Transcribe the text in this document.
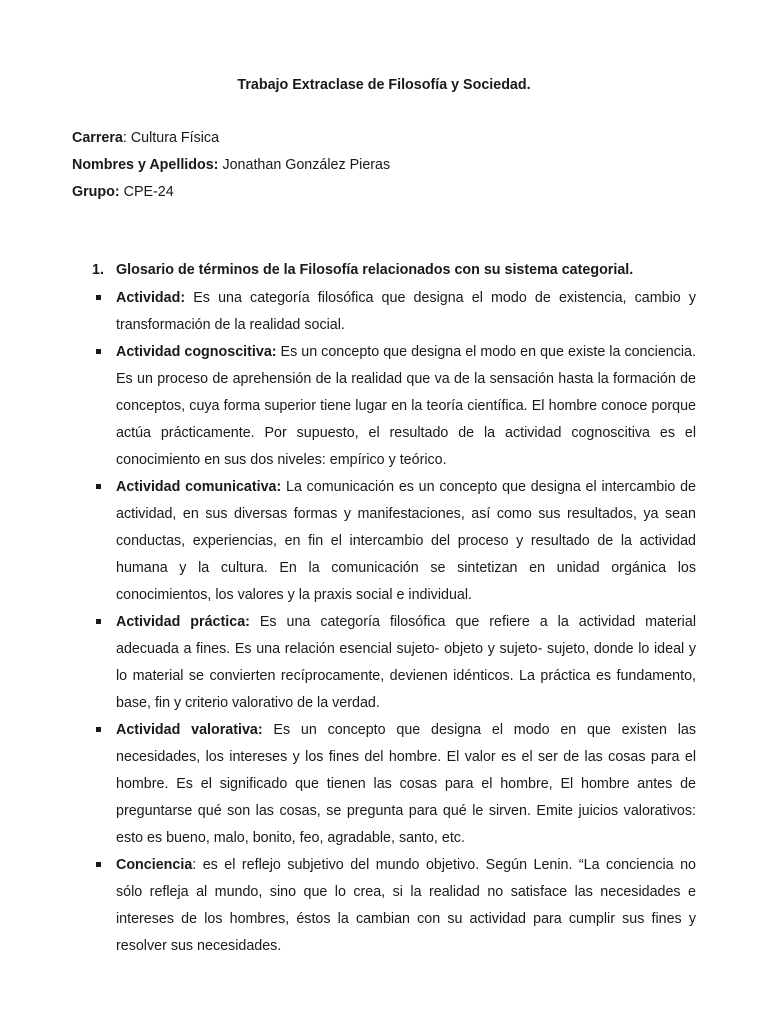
Trabajo Extraclase de Filosofía y Sociedad.
Carrera: Cultura Física
Nombres y Apellidos: Jonathan González Pieras
Grupo: CPE-24
1. Glosario de términos de la Filosofía relacionados con su sistema categorial.
Actividad: Es una categoría filosófica que designa el modo de existencia, cambio y transformación de la realidad social.
Actividad cognoscitiva: Es un concepto que designa el modo en que existe la conciencia. Es un proceso de aprehensión de la realidad que va de la sensación hasta la formación de conceptos, cuya forma superior tiene lugar en la teoría científica. El hombre conoce porque actúa prácticamente. Por supuesto, el resultado de la actividad cognoscitiva es el conocimiento en sus dos niveles: empírico y teórico.
Actividad comunicativa: La comunicación es un concepto que designa el intercambio de actividad, en sus diversas formas y manifestaciones, así como sus resultados, ya sean conductas, experiencias, en fin el intercambio del proceso y resultado de la actividad humana y la cultura. En la comunicación se sintetizan en unidad orgánica los conocimientos, los valores y la praxis social e individual.
Actividad práctica: Es una categoría filosófica que refiere a la actividad material adecuada a fines. Es una relación esencial sujeto- objeto y sujeto- sujeto, donde lo ideal y lo material se convierten recíprocamente, devienen idénticos. La práctica es fundamento, base, fin y criterio valorativo de la verdad.
Actividad valorativa: Es un concepto que designa el modo en que existen las necesidades, los intereses y los fines del hombre. El valor es el ser de las cosas para el hombre. Es el significado que tienen las cosas para el hombre, El hombre antes de preguntarse qué son las cosas, se pregunta para qué le sirven. Emite juicios valorativos: esto es bueno, malo, bonito, feo, agradable, santo, etc.
Conciencia: es el reflejo subjetivo del mundo objetivo. Según Lenin. “La conciencia no sólo refleja al mundo, sino que lo crea, si la realidad no satisface las necesidades e intereses de los hombres, éstos la cambian con su actividad para cumplir sus fines y resolver sus necesidades.
